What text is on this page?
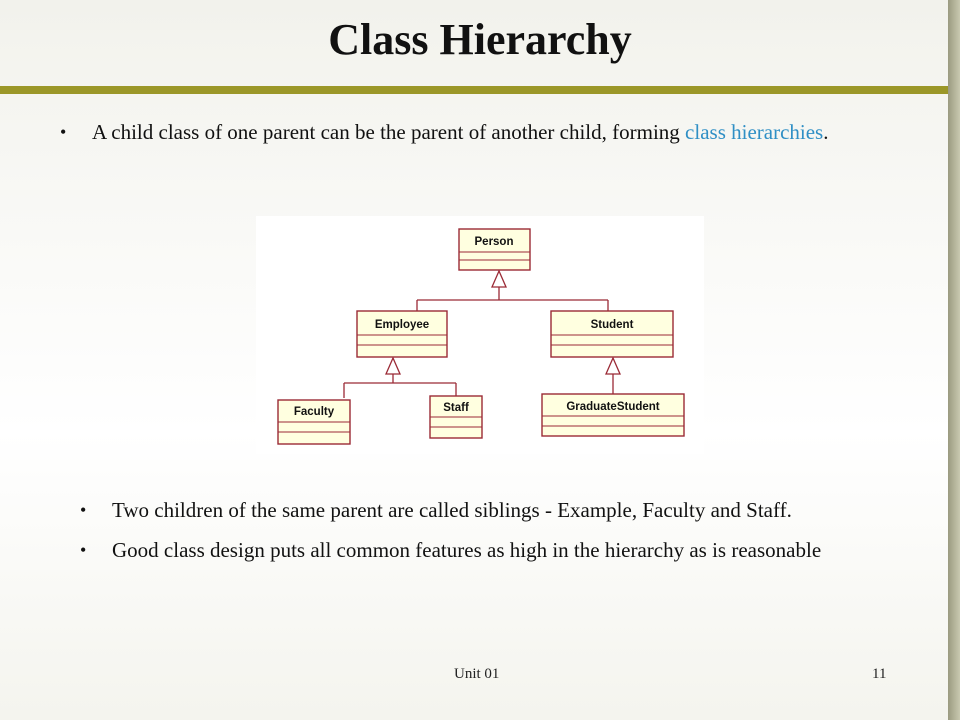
Class Hierarchy
• A child class of one parent can be the parent of another child, forming class hierarchies.
Person
Employee	Student
Faculty	Staff	GraduateStudent
• Two children of the same parent are called siblings - Example, Faculty and Staff.
• Good class design puts all common features as high in the hierarchy as is reasonable
Unit 01	11
